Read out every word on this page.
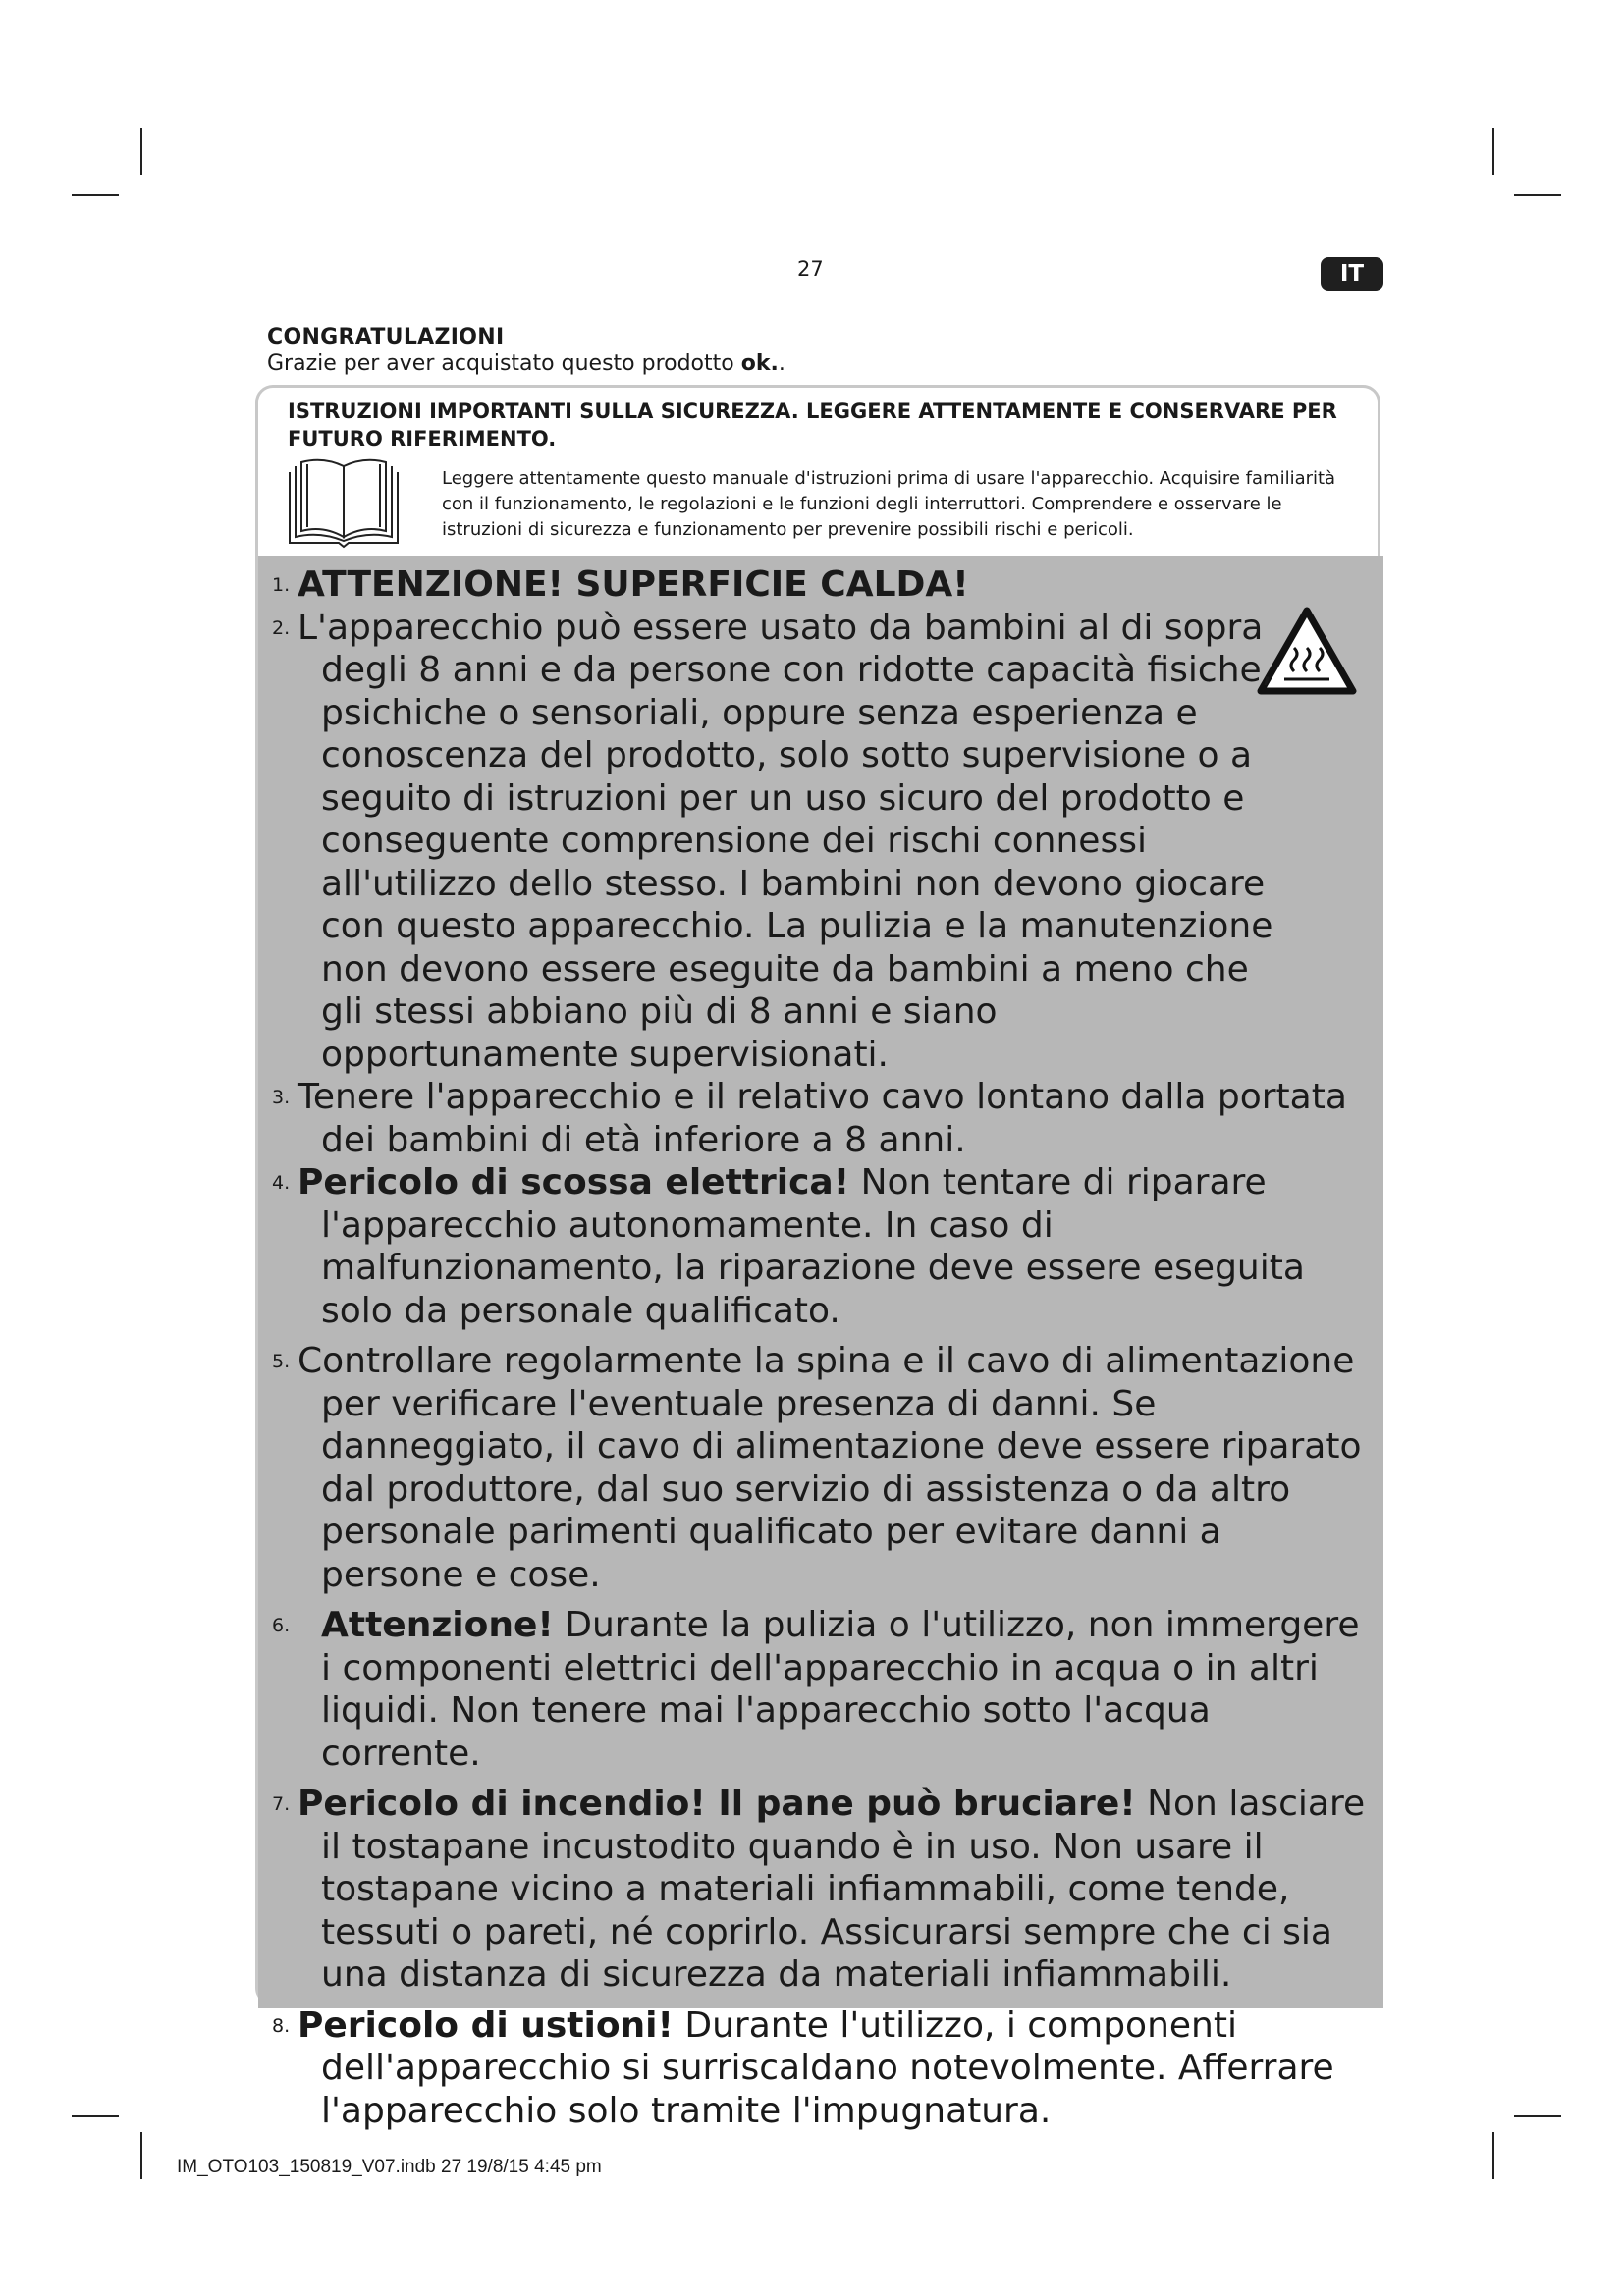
27	IT
CONGRATULAZIONI
Grazie per aver acquistato questo prodotto ok..
ISTRUZIONI IMPORTANTI SULLA SICUREZZA. LEGGERE ATTENTAMENTE E CONSERVARE PER FUTURO RIFERIMENTO.
Leggere attentamente questo manuale d'istruzioni prima di usare l'apparecchio. Acquisire familiarità con il funzionamento, le regolazioni e le funzioni degli interruttori. Comprendere e osservare le istruzioni di sicurezza e funzionamento per prevenire possibili rischi e pericoli.
1. ATTENZIONE! SUPERFICIE CALDA!
2. L'apparecchio può essere usato da bambini al di sopra degli 8 anni e da persone con ridotte capacità fisiche, psichiche o sensoriali, oppure senza esperienza e conoscenza del prodotto, solo sotto supervisione o a seguito di istruzioni per un uso sicuro del prodotto e conseguente comprensione dei rischi connessi all'utilizzo dello stesso. I bambini non devono giocare con questo apparecchio. La pulizia e la manutenzione non devono essere eseguite da bambini a meno che gli stessi abbiano più di 8 anni e siano opportunamente supervisionati.
3. Tenere l'apparecchio e il relativo cavo lontano dalla portata dei bambini di età inferiore a 8 anni.
4. Pericolo di scossa elettrica! Non tentare di riparare l'apparecchio autonomamente. In caso di malfunzionamento, la riparazione deve essere eseguita solo da personale qualificato.
5. Controllare regolarmente la spina e il cavo di alimentazione per verificare l'eventuale presenza di danni. Se danneggiato, il cavo di alimentazione deve essere riparato dal produttore, dal suo servizio di assistenza o da altro personale parimenti qualificato per evitare danni a persone e cose.
6. Attenzione! Durante la pulizia o l'utilizzo, non immergere i componenti elettrici dell'apparecchio in acqua o in altri liquidi. Non tenere mai l'apparecchio sotto l'acqua corrente.
7. Pericolo di incendio! Il pane può bruciare! Non lasciare il tostapane incustodito quando è in uso. Non usare il tostapane vicino a materiali infiammabili, come tende, tessuti o pareti, né coprirlo. Assicurarsi sempre che ci sia una distanza di sicurezza da materiali infiammabili.
8. Pericolo di ustioni! Durante l'utilizzo, i componenti dell'apparecchio si surriscaldano notevolmente. Afferrare l'apparecchio solo tramite l'impugnatura.
IM_OTO103_150819_V07.indb 27 19/8/15 4:45 pm
